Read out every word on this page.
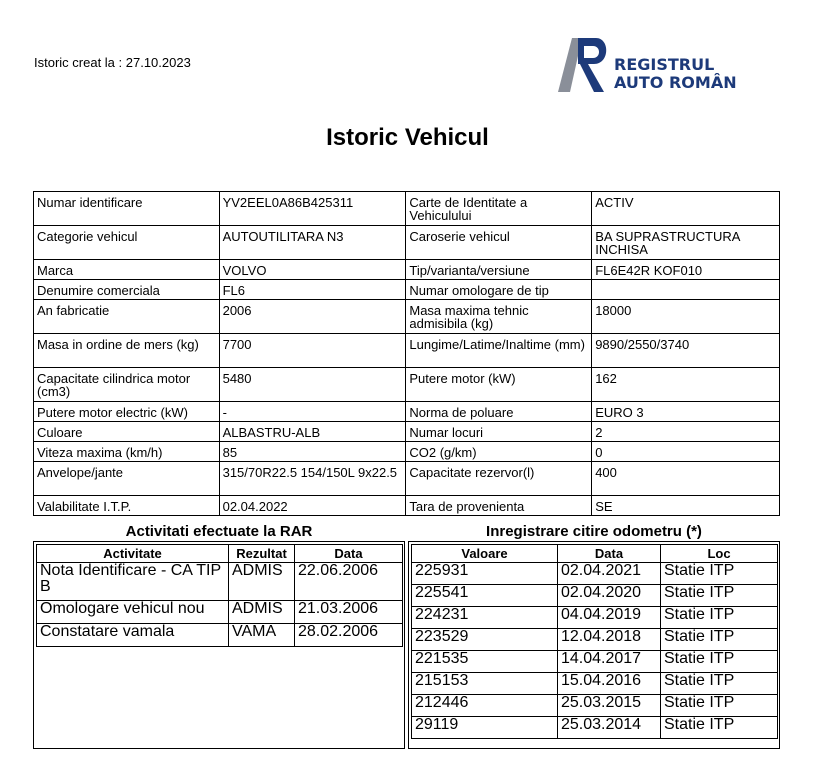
Istoric creat la : 27.10.2023	REGISTRUL
AUTO ROMÂN
Istoric Vehicul
Numar identificare	YV2EEL0A86B425311	Carte de Identitate a Vehiculului	ACTIV
Categorie vehicul	AUTOUTILITARA N3	Caroserie vehicul	BA SUPRASTRUCTURA INCHISA
Marca	VOLVO	Tip/varianta/versiune	FL6E42R KOF010
Denumire comerciala	FL6	Numar omologare de tip	
An fabricatie	2006	Masa maxima tehnic admisibila (kg)	18000
Masa in ordine de mers (kg)	7700	Lungime/Latime/Inaltime (mm)	9890/2550/3740
Capacitate cilindrica motor (cm3)	5480	Putere motor (kW)	162
Putere motor electric (kW)	-	Norma de poluare	EURO 3
Culoare	ALBASTRU-ALB	Numar locuri	2
Viteza maxima (km/h)	85	CO2 (g/km)	0
Anvelope/jante	315/70R22.5 154/150L 9x22.5	Capacitate rezervor(l)	400
Valabilitate I.T.P.	02.04.2022	Tara de provenienta	SE
Activitati efectuate la RAR	Inregistrare citire odometru (*)
Activitate	Rezultat	Data
Nota Identificare - CA TIP B	ADMIS	22.06.2006
Omologare vehicul nou	ADMIS	21.03.2006
Constatare vamala	VAMA	28.02.2006
Valoare	Data	Loc
225931	02.04.2021	Statie ITP
225541	02.04.2020	Statie ITP
224231	04.04.2019	Statie ITP
223529	12.04.2018	Statie ITP
221535	14.04.2017	Statie ITP
215153	15.04.2016	Statie ITP
212446	25.03.2015	Statie ITP
29119	25.03.2014	Statie ITP
